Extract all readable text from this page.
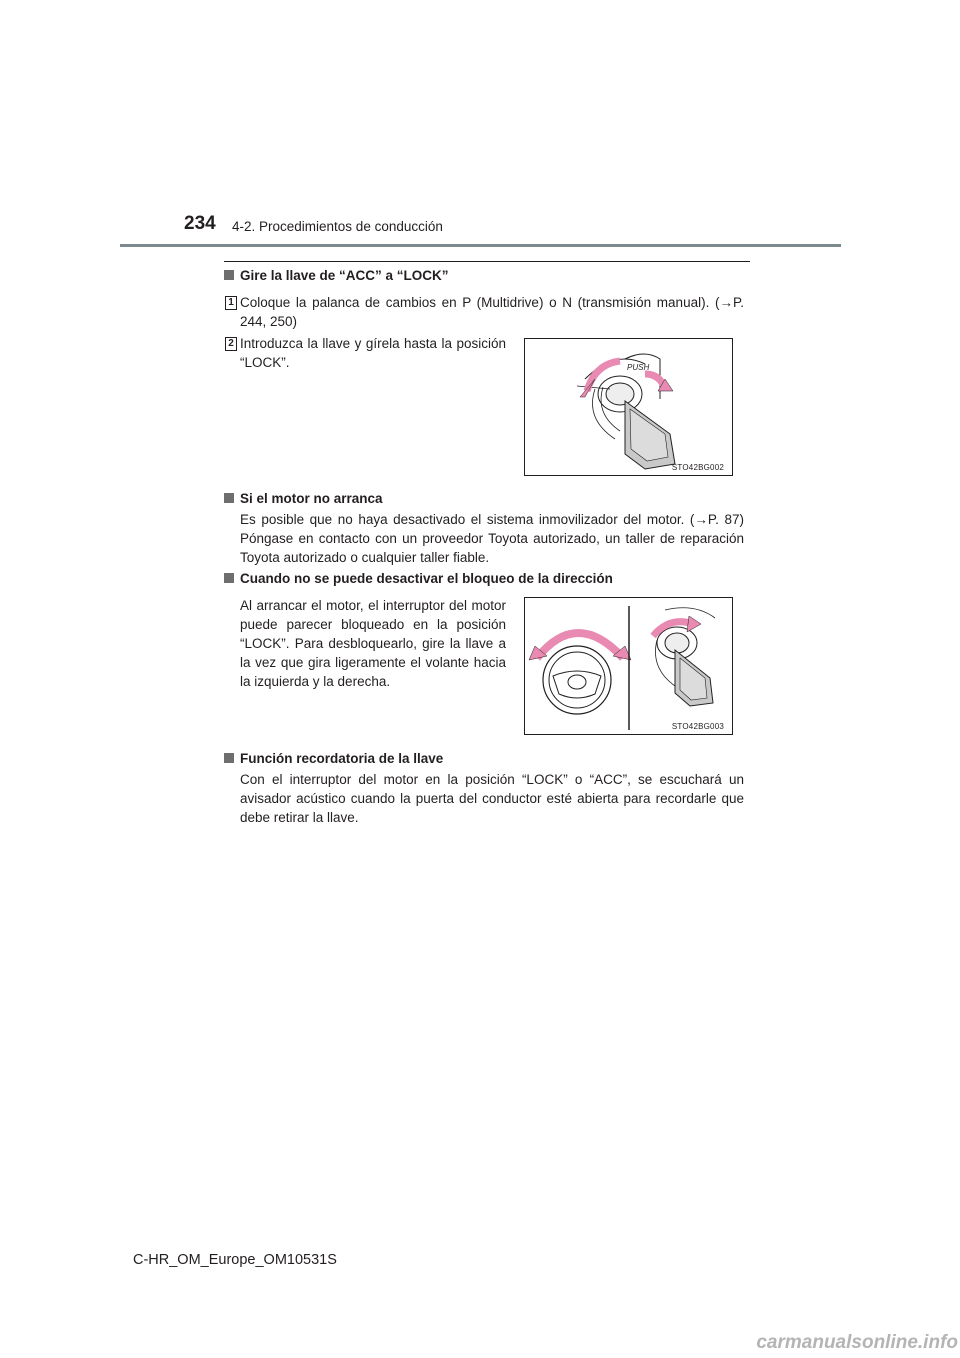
234 4-2. Procedimientos de conducción
Gire la llave de “ACC” a “LOCK”
1 Coloque la palanca de cambios en P (Multidrive) o N (transmisión manual). (→P. 244, 250)
2 Introduzca la llave y gírela hasta la posición “LOCK”.	PUSH
STO42BG002
Si el motor no arranca
Es posible que no haya desactivado el sistema inmovilizador del motor. (→P. 87) Póngase en contacto con un proveedor Toyota autorizado, un taller de reparación Toyota autorizado o cualquier taller fiable.
Cuando no se puede desactivar el bloqueo de la dirección
Al arrancar el motor, el interruptor del motor puede parecer bloqueado en la posición “LOCK”. Para desbloquearlo, gire la llave a la vez que gira ligeramente el volante hacia la izquierda y la derecha.
STO42BG003
Función recordatoria de la llave
Con el interruptor del motor en la posición “LOCK” o “ACC”, se escuchará un avisador acústico cuando la puerta del conductor esté abierta para recordarle que debe retirar la llave.
C-HR_OM_Europe_OM10531S
carmanualsonline.info
